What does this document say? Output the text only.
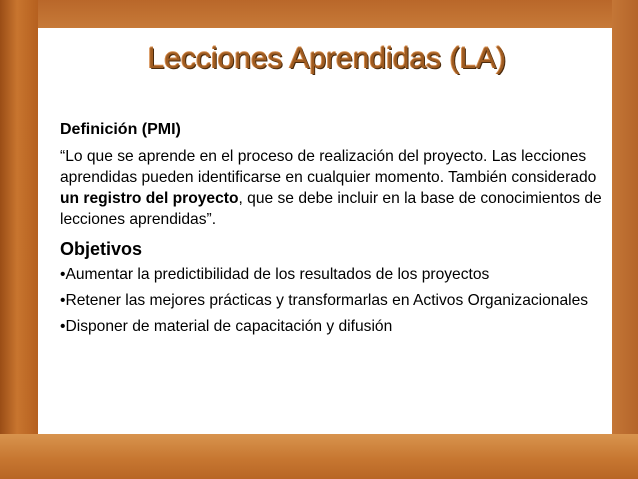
Lecciones Aprendidas (LA)
Definición (PMI)

“Lo que se aprende en el proceso de realización del proyecto. Las lecciones aprendidas pueden identificarse en cualquier momento. También considerado un registro del proyecto, que se debe incluir en la base de conocimientos de lecciones aprendidas”.

Objetivos
•Aumentar la predictibilidad de los resultados de los proyectos
•Retener las mejores prácticas y transformarlas en Activos Organizacionales
•Disponer de material de capacitación y difusión
